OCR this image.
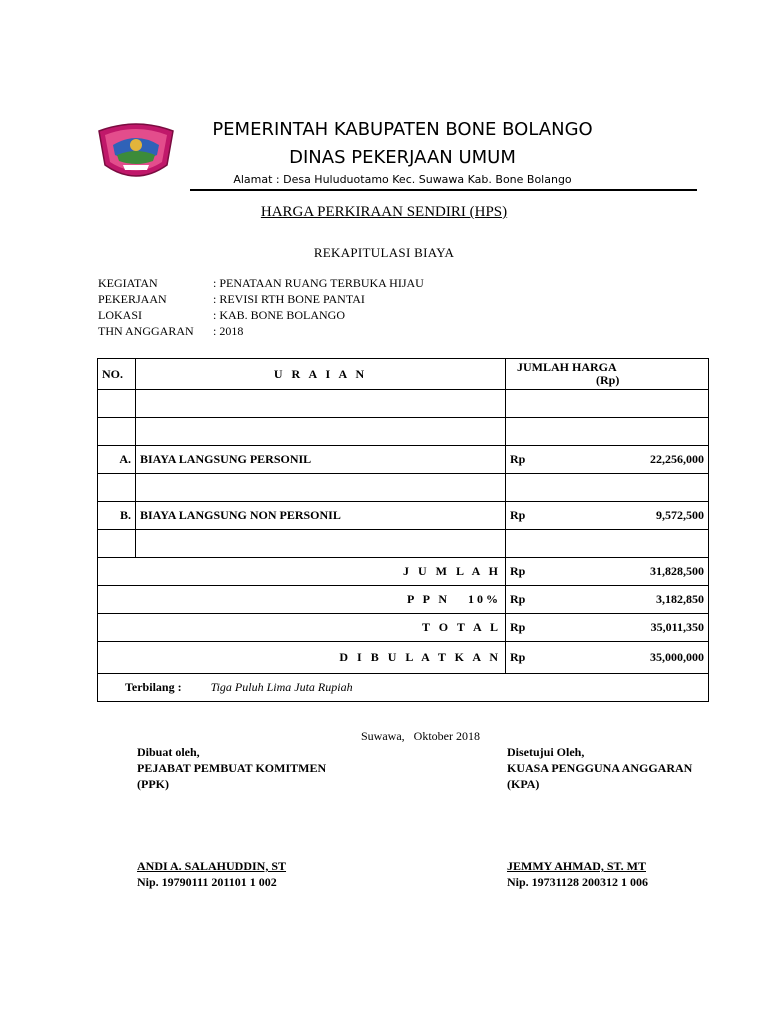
PEMERINTAH KABUPATEN BONE BOLANGO
DINAS PEKERJAAN UMUM
Alamat : Desa Huluduotamo Kec. Suwawa Kab. Bone Bolango
HARGA PERKIRAAN SENDIRI (HPS)
REKAPITULASI BIAYA
KEGIATAN	: PENATAAN RUANG TERBUKA HIJAU
PEKERJAAN	: REVISI RTH BONE PANTAI
LOKASI	: KAB. BONE BOLANGO
THN ANGGARAN	: 2018
NO.	U R A I A N	JUMLAH HARGA
(Rp)	

A.	BIAYA LANGSUNG PERSONIL	Rp	22,256,000

B.	BIAYA LANGSUNG NON PERSONIL	Rp	9,572,500

J U M L A H		Rp	31,828,500
P P N   10%		Rp	3,182,850
T O T A L		Rp	35,011,350
D I B U L A T K A N		Rp	35,000,000
Terbilang : Tiga Puluh Lima Juta Rupiah			
Suwawa,   Oktober 2018
Dibuat oleh,
PEJABAT PEMBUAT KOMITMEN
(PPK)
Disetujui Oleh,
KUASA PENGGUNA ANGGARAN
(KPA)
ANDI A. SALAHUDDIN, ST
Nip. 19790111 201101 1 002
JEMMY AHMAD, ST. MT
Nip. 19731128 200312 1 006
